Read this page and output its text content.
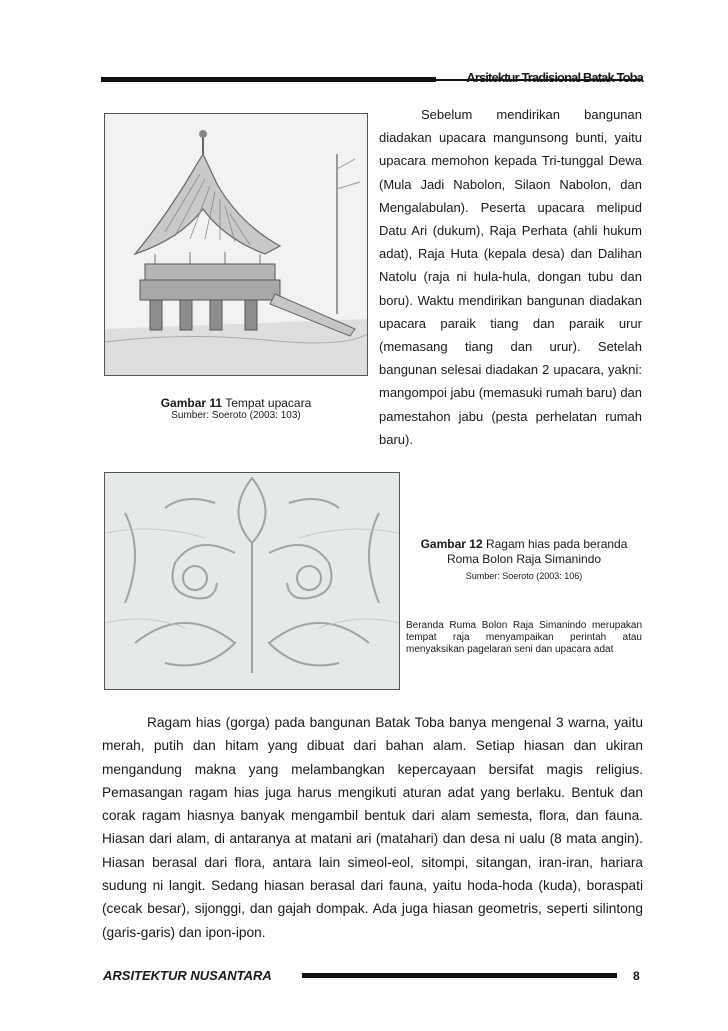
Arsitektur Tradisional Batak Toba
Gambar 11 Tempat upacara
Sumber: Soeroto (2003: 103)

Sebelum mendirikan bangunan diadakan upacara mangunsong bunti, yaitu upacara memohon kepada Tri-tunggal Dewa (Mula Jadi Nabolon, Silaon Nabolon, dan Mengalabulan). Peserta upacara melipud Datu Ari (dukum), Raja Perhata (ahli hukum adat), Raja Huta (kepala desa) dan Dalihan Natolu (raja ni hula-hula, dongan tubu dan boru). Waktu mendirikan bangunan diadakan upacara paraik tiang dan paraik urur (memasang tiang dan urur). Setelah bangunan selesai diadakan 2 upacara, yakni: mangompoi jabu (memasuki rumah baru) dan pamestahon jabu (pesta perhelatan rumah baru).

Gambar 12 Ragam hias pada beranda Roma Bolon Raja Simanindo
Sumber: Soeroto (2003: 106)
Beranda Ruma Bolon Raja Simanindo merupakan tempat raja menyampaikan perintah atau menyaksikan pagelaran seni dan upacara adat

Ragam hias (gorga) pada bangunan Batak Toba banya mengenal 3 warna, yaitu merah, putih dan hitam yang dibuat dari bahan alam. Setiap hiasan dan ukiran mengandung makna yang melambangkan kepercayaan bersifat magis religius. Pemasangan ragam hias juga harus mengikuti aturan adat yang berlaku. Bentuk dan corak ragam hiasnya banyak mengambil bentuk dari alam semesta, flora, dan fauna. Hiasan dari alam, di antaranya at matani ari (matahari) dan desa ni ualu (8 mata angin). Hiasan berasal dari flora, antara lain simeol-eol, sitompi, sitangan, iran-iran, hariara sudung ni langit. Sedang hiasan berasal dari fauna, yaitu hoda-hoda (kuda), boraspati (cecak besar), sijonggi, dan gajah dompak. Ada juga hiasan geometris, seperti silintong (garis-garis) dan ipon-ipon.

ARSITEKTUR NUSANTARA	8
